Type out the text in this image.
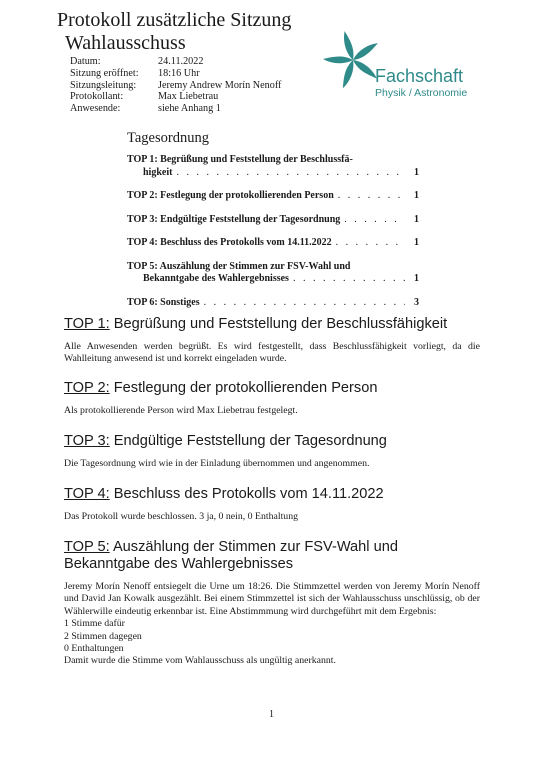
Protokoll zusätzliche Sitzung
Wahlausschuss
Datum:	24.11.2022
Sitzung eröffnet:	18:16 Uhr
Sitzungsleitung:	Jeremy Andrew Morín Nenoff
Protokollant:	Max Liebetrau
Anwesende:	siehe Anhang 1
Fachschaft
Physik / Astronomie
Tagesordnung
TOP 1: Begrüßung und Feststellung der Beschlussfä-
higkeit . . .	1
TOP 2: Festlegung der protokollierenden Person . . .	1
TOP 3: Endgültige Feststellung der Tagesordnung . . .	1
TOP 4: Beschluss des Protokolls vom 14.11.2022 . . .	1
TOP 5: Auszählung der Stimmen zur FSV-Wahl und
Bekanntgabe des Wahlergebnisses . . .	1
TOP 6: Sonstiges . . .	3
TOP 1: Begrüßung und Feststellung der Beschlussfähigkeit

Alle Anwesenden werden begrüßt. Es wird festgestellt, dass Beschlussfähigkeit vorliegt, da die Wahlleitung anwesend ist und korrekt eingeladen wurde.

TOP 2: Festlegung der protokollierenden Person

Als protokollierende Person wird Max Liebetrau festgelegt.

TOP 3: Endgültige Feststellung der Tagesordnung

Die Tagesordnung wird wie in der Einladung übernommen und angenommen.

TOP 4: Beschluss des Protokolls vom 14.11.2022

Das Protokoll wurde beschlossen. 3 ja, 0 nein, 0 Enthaltung

TOP 5: Auszählung der Stimmen zur FSV-Wahl und Bekanntgabe des Wahlergebnisses

Jeremy Morín Nenoff entsiegelt die Urne um 18:26. Die Stimmzettel werden von Jeremy Morín Nenoff und David Jan Kowalk ausgezählt. Bei einem Stimmzettel ist sich der Wahlausschuss unschlüssig, ob der Wählerwille eindeutig erkennbar ist. Eine Abstimmmung wird durchgeführt mit dem Ergebnis:

1 Stimme dafür

2 Stimmen dagegen

0 Enthaltungen

Damit wurde die Stimme vom Wahlausschuss als ungültig anerkannt.

1
